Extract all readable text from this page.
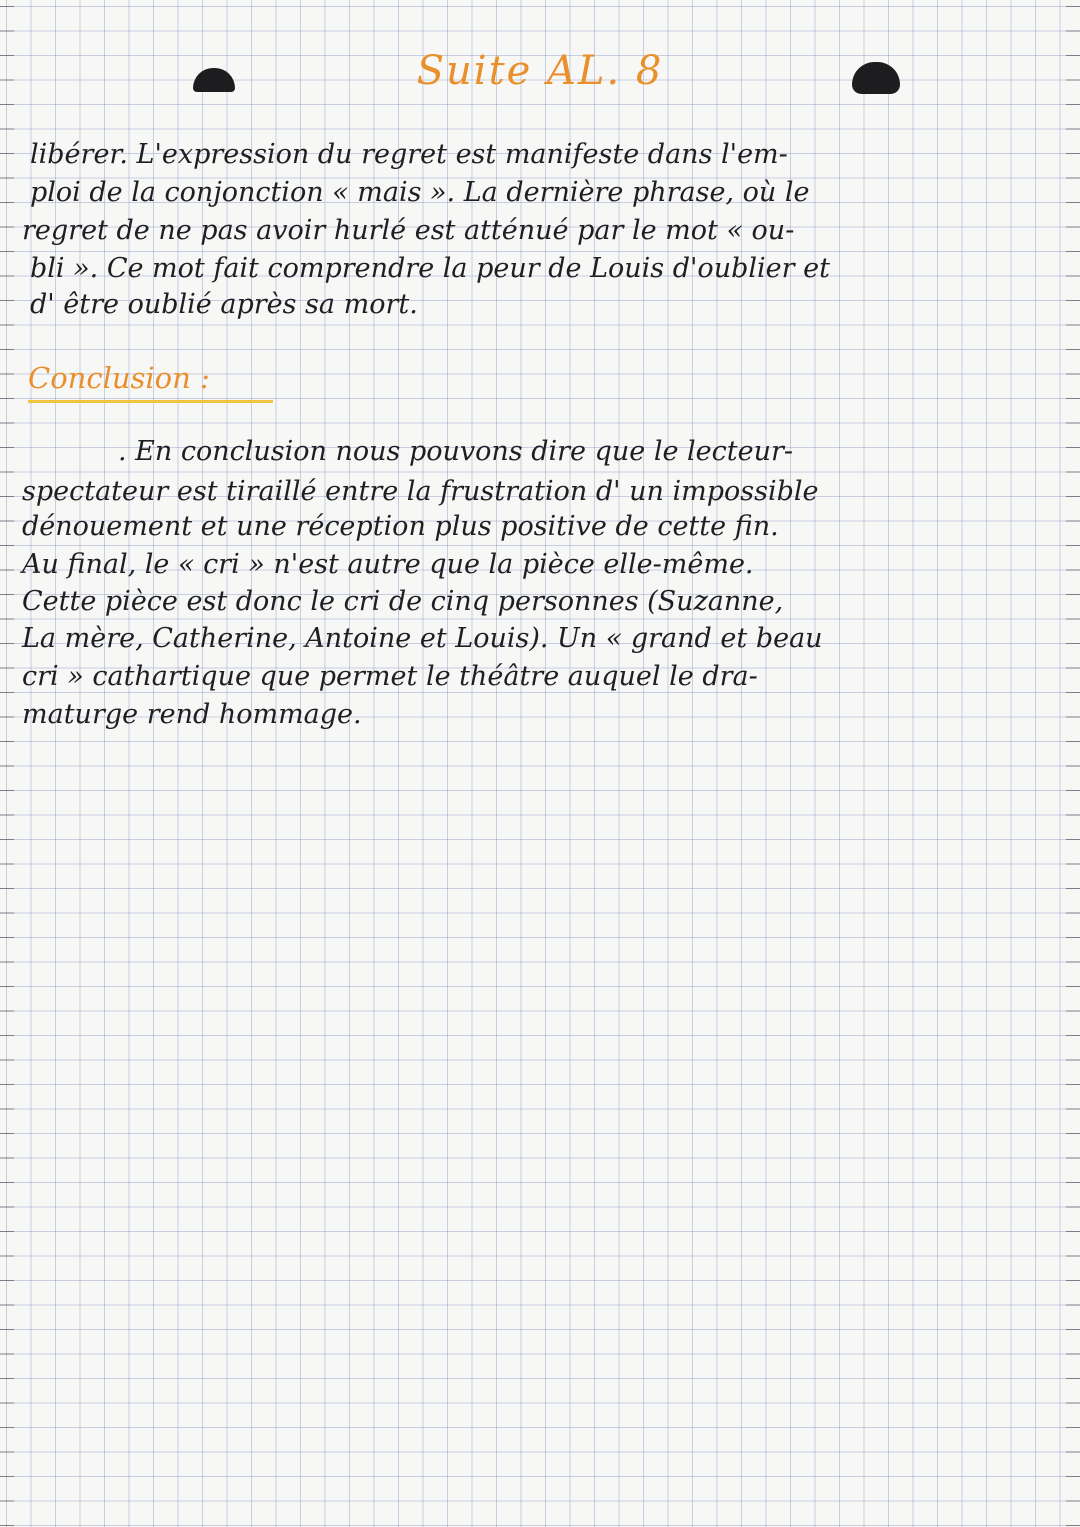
Suite AL. 8

libérer. L'expression du regret est manifeste dans l'em-

ploi de la conjonction « mais ». La dernière phrase, où le

regret de ne pas avoir hurlé est atténué par le mot « ou-

bli ». Ce mot fait comprendre la peur de Louis d'oublier et

d' être oublié après sa mort.

Conclusion :

. En conclusion nous pouvons dire que le lecteur-

spectateur est tiraillé entre la frustration d' un impossible

dénouement et une réception plus positive de cette fin.

Au final, le « cri » n'est autre que la pièce elle-même.

Cette pièce est donc le cri de cinq personnes (Suzanne,

La mère, Catherine, Antoine et Louis). Un « grand et beau

cri » cathartique que permet le théâtre auquel le dra-

maturge rend hommage.
